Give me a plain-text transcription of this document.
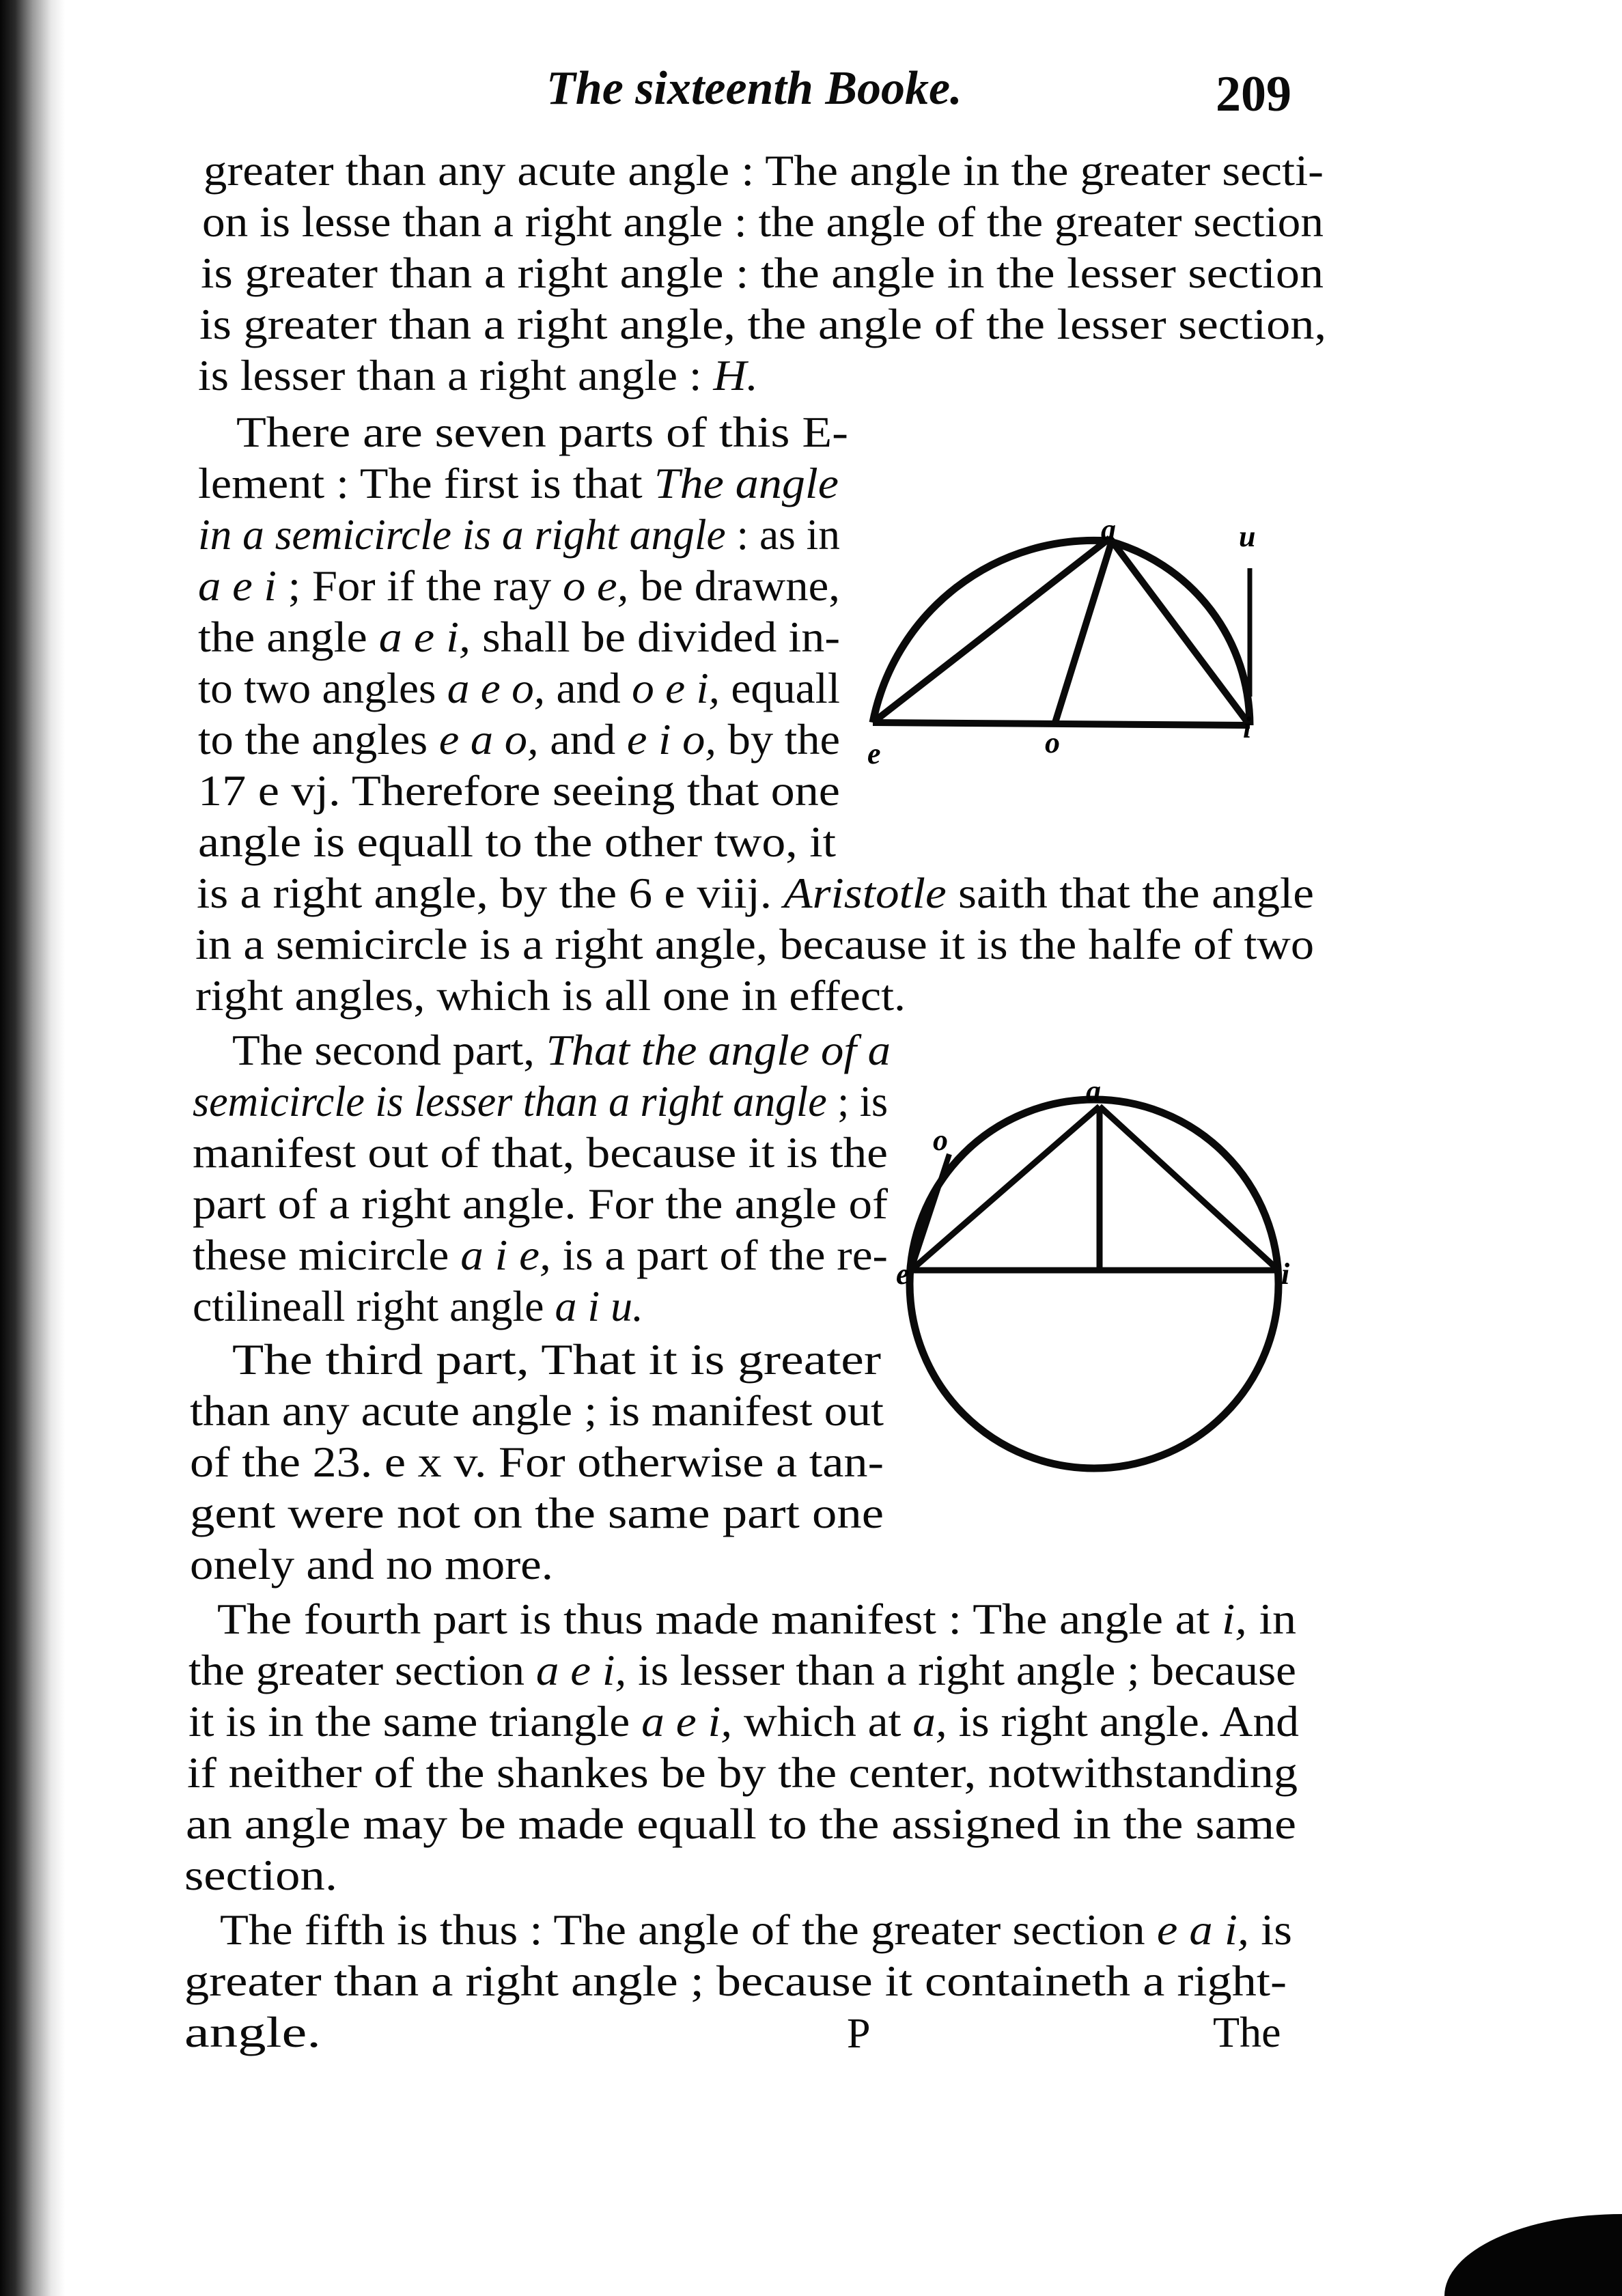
The sixteenth Booke.	209
greater than any acute angle : The angle in the greater secti-
on is lesse than a right angle : the angle of the greater section
is greater than a right angle : the angle in the lesser section
is greater than a right angle, the angle of the lesser section,
is lesser than a right angle : H.
There are seven parts of this E-
lement : The first is that The angle
in a semicircle is a right angle : as in
a e i ; For if the ray o e, be drawne,
the angle a e i, shall be divided in-
to two angles a e o, and o e i, equall
to the angles e a o, and e i o, by the
17 e vj. Therefore seeing that one
angle is equall to the other two, it
is a right angle, by the 6 e viij. Aristotle saith that the angle
in a semicircle is a right angle, because it is the halfe of two
right angles, which is all one in effect.
The second part, That the angle of a
semicircle is lesser than a right angle ; is
manifest out of that, because it is the
part of a right angle. For the angle of
these micircle a i e, is a part of the re-
ctilineall right angle a i u.
The third part, That it is greater
than any acute angle ; is manifest out
of the 23. e x v. For otherwise a tan-
gent were not on the same part one
onely and no more.
The fourth part is thus made manifest : The angle at i, in
the greater section a e i, is lesser than a right angle ; because
it is in the same triangle a e i, which at a, is right angle. And
if neither of the shankes be by the center, notwithstanding
an angle may be made equall to the assigned in the same
section.
The fifth is thus : The angle of the greater section e a i, is
greater than a right angle ; because it containeth a right-
angle.	P	The
a	u
e	o	i
a
o
e	i
